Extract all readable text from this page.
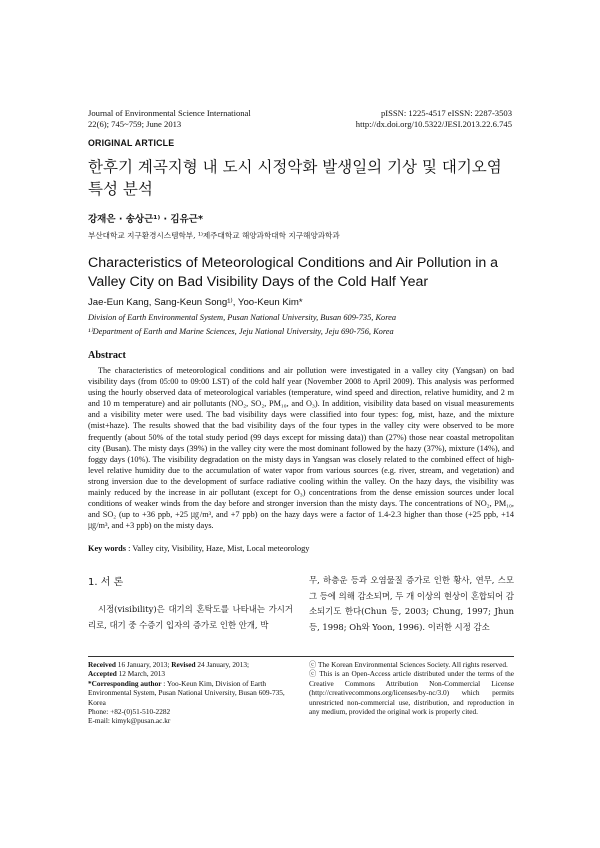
Journal of Environmental Science International
22(6); 745~759; June 2013
pISSN: 1225-4517 eISSN: 2287-3503
http://dx.doi.org/10.5322/JESI.2013.22.6.745
ORIGINAL ARTICLE
한후기 계곡지형 내 도시 시정악화 발생일의 기상 및 대기오염
특성 분석
강재은 · 송상근¹⁾ · 김유근*
부산대학교 지구환경시스템학부, ¹⁾제주대학교 해양과학대학 지구해양과학과
Characteristics of Meteorological Conditions and Air Pollution in a Valley City on Bad Visibility Days of the Cold Half Year
Jae-Eun Kang, Sang-Keun Song¹⁾, Yoo-Keun Kim*
Division of Earth Environmental System, Pusan National University, Busan 609-735, Korea
¹⁾Department of Earth and Marine Sciences, Jeju National University, Jeju 690-756, Korea
Abstract
The characteristics of meteorological conditions and air pollution were investigated in a valley city (Yangsan) on bad visibility days (from 05:00 to 09:00 LST) of the cold half year (November 2008 to April 2009). This analysis was performed using the hourly observed data of meteorological variables (temperature, wind speed and direction, relative humidity, and 2 m and 10 m temperature) and air pollutants (NO₂, SO₂, PM₁₀, and O₃). In addition, visibility data based on visual measurements and a visibility meter were used. The bad visibility days were classified into four types: fog, mist, haze, and the mixture (mist+haze). The results showed that the bad visibility days of the four types in the valley city were observed to be more frequently (about 50% of the total study period (99 days except for missing data)) than (27%) those near coastal metropolitan city (Busan). The misty days (39%) in the valley city were the most dominant followed by the hazy (37%), mixture (14%), and foggy days (10%). The visibility degradation on the misty days in Yangsan was closely related to the combined effect of high-level relative humidity due to the accumulation of water vapor from various sources (e.g. river, stream, and vegetation) and strong inversion due to the development of surface radiative cooling within the valley. On the hazy days, the visibility was mainly reduced by the increase in air pollutant (except for O₃) concentrations from the dense emission sources under local conditions of weaker winds from the day before and stronger inversion than the misty days. The concentrations of NO₂, PM₁₀, and SO₂ (up to +36 ppb, +25 ㎍/m³, and +7 ppb) on the hazy days were a factor of 1.4-2.3 higher than those (+25 ppb, +14 ㎍/m³, and +3 ppb) on the misty days.
Key words : Valley city, Visibility, Haze, Mist, Local meteorology
1. 서 론
시정(visibility)은 대기의 혼탁도를 나타내는 가시거리로, 대기 중 수증기 입자의 증가로 인한 안개, 박
무, 하층운 등과 오염물질 증가로 인한 황사, 연무, 스모그 등에 의해 감소되며, 두 개 이상의 현상이 혼합되어 감소되기도 한다(Chun 등, 2003; Chung, 1997; Jhun 등, 1998; Oh와 Yoon, 1996). 이러한 시정 감소
Received 16 January, 2013; Revised 24 January, 2013;
Accepted 12 March, 2013
*Corresponding author : Yoo-Keun Kim, Division of Earth Environmental System, Pusan National University, Busan 609-735, Korea
Phone: +82-(0)51-510-2282
E-mail: kimyk@pusan.ac.kr
ⓒ The Korean Environmental Sciences Society. All rights reserved.
ⓒ This is an Open-Access article distributed under the terms of the Creative Commons Attribution Non-Commercial License (http://creativecommons.org/licenses/by-nc/3.0) which permits unrestricted non-commercial use, distribution, and reproduction in any medium, provided the original work is properly cited.
